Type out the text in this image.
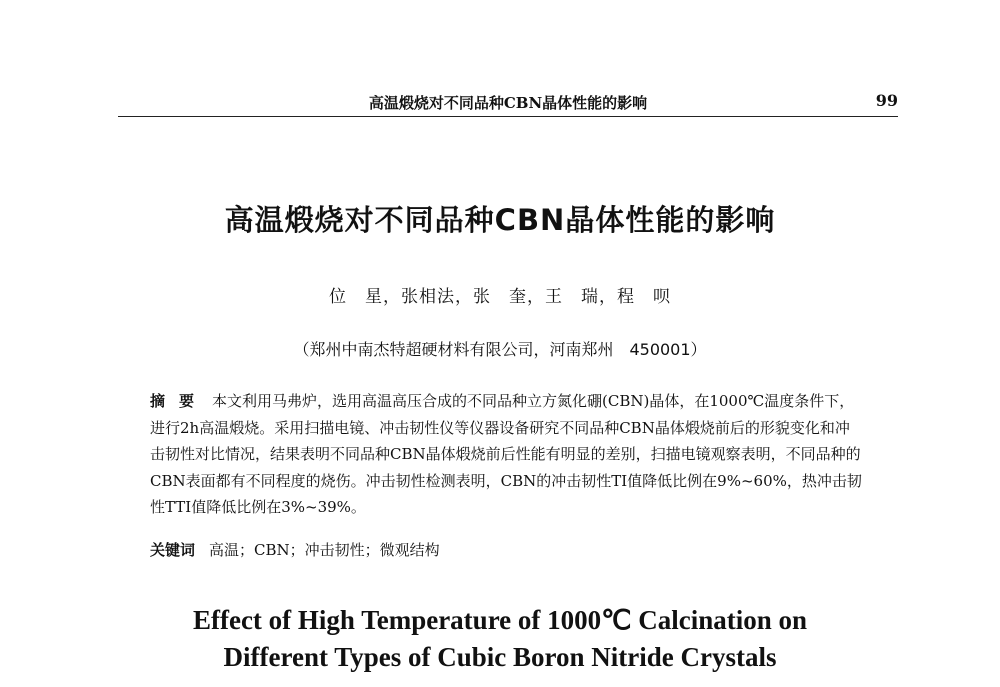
高温煅烧对不同品种CBN晶体性能的影响	99
高温煅烧对不同品种CBN晶体性能的影响
位　星，张相法，张　奎，王　瑞，程　呗
（郑州中南杰特超硬材料有限公司，河南郑州　450001）
摘要 本文利用马弗炉，选用高温高压合成的不同品种立方氮化硼(CBN)晶体，在1000℃温度条件下，进行2h高温煅烧。采用扫描电镜、冲击韧性仪等仪器设备研究不同品种CBN晶体煅烧前后的形貌变化和冲击韧性对比情况，结果表明不同品种CBN晶体煅烧前后性能有明显的差别，扫描电镜观察表明，不同品种的CBN表面都有不同程度的烧伤。冲击韧性检测表明，CBN的冲击韧性TI值降低比例在9%~60%，热冲击韧性TTI值降低比例在3%~39%。
关键词 高温；CBN；冲击韧性；微观结构
Effect of High Temperature of 1000℃ Calcination on
Different Types of Cubic Boron Nitride Crystals
